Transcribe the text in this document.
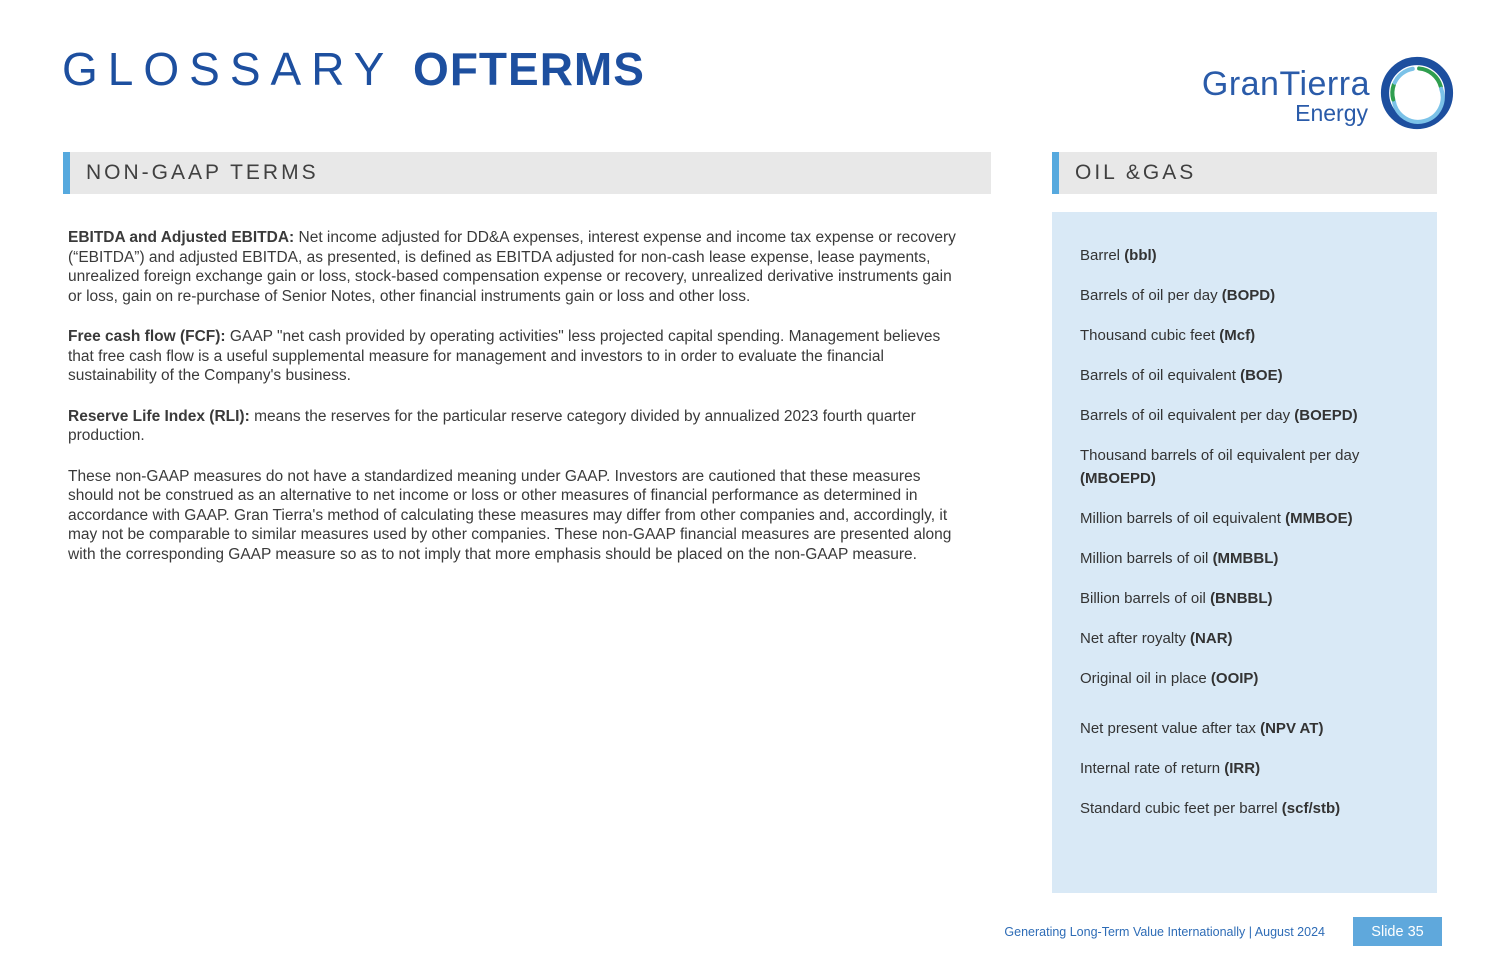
GLOSSARY OFTERMS	GranTierra
Energy
NON-GAAP TERMS

EBITDA and Adjusted EBITDA: Net income adjusted for DD&A expenses, interest expense and income tax expense or recovery (“EBITDA”) and adjusted EBITDA, as presented, is defined as EBITDA adjusted for non-cash lease expense, lease payments, unrealized foreign exchange gain or loss, stock-based compensation expense or recovery, unrealized derivative instruments gain or loss, gain on re-purchase of Senior Notes, other financial instruments gain or loss and other loss.

Free cash flow (FCF): GAAP "net cash provided by operating activities" less projected capital spending. Management believes that free cash flow is a useful supplemental measure for management and investors to in order to evaluate the financial sustainability of the Company's business.

Reserve Life Index (RLI): means the reserves for the particular reserve category divided by annualized 2023 fourth quarter production.

These non-GAAP measures do not have a standardized meaning under GAAP. Investors are cautioned that these measures should not be construed as an alternative to net income or loss or other measures of financial performance as determined in accordance with GAAP. Gran Tierra's method of calculating these measures may differ from other companies and, accordingly, it may not be comparable to similar measures used by other companies. These non-GAAP financial measures are presented along with the corresponding GAAP measure so as to not imply that more emphasis should be placed on the non-GAAP measure.

OIL &GAS
Barrel (bbl)
Barrels of oil per day (BOPD)
Thousand cubic feet (Mcf)
Barrels of oil equivalent (BOE)
Barrels of oil equivalent per day (BOEPD)
Thousand barrels of oil equivalent per day (MBOEPD)
Million barrels of oil equivalent (MMBOE)
Million barrels of oil (MMBBL)
Billion barrels of oil (BNBBL)
Net after royalty (NAR)
Original oil in place (OOIP)
Net present value after tax (NPV AT)
Internal rate of return (IRR)
Standard cubic feet per barrel (scf/stb)
Generating Long-Term Value Internationally | August 2024	Slide 35
